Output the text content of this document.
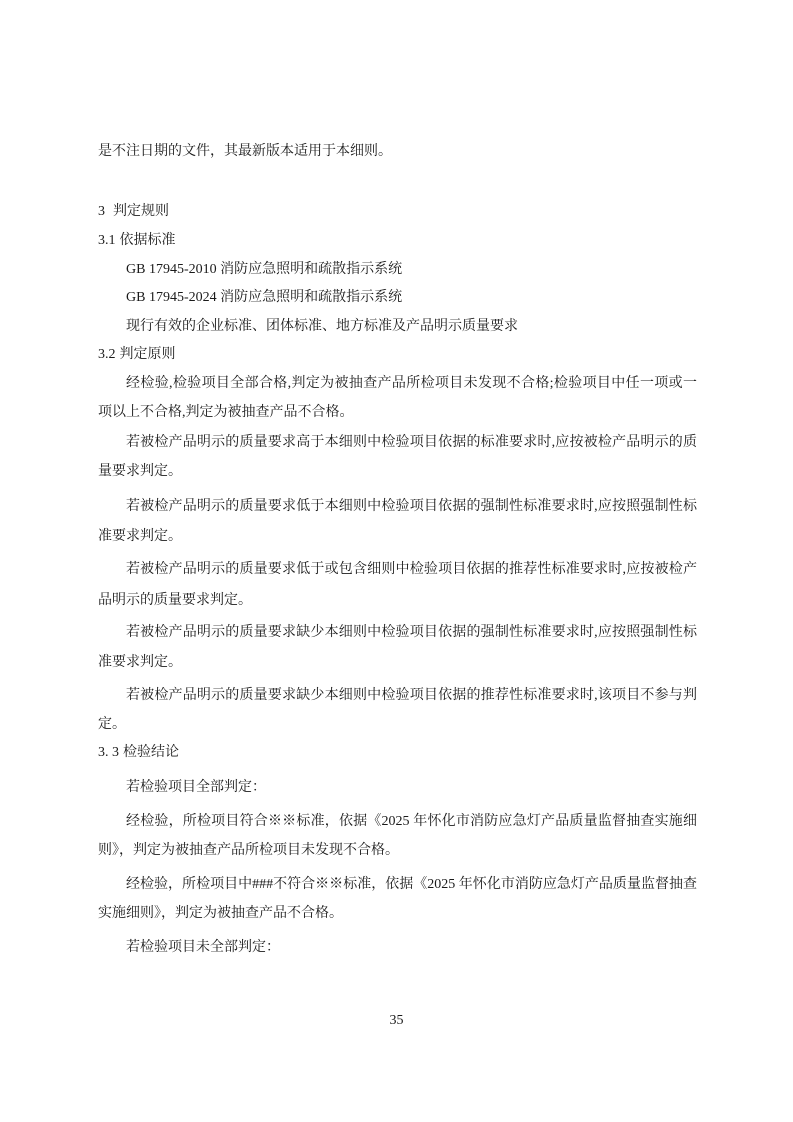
是不注日期的文件，其最新版本适用于本细则。
3 判定规则
3.1 依据标准
GB 17945-2010 消防应急照明和疏散指示系统
GB 17945-2024 消防应急照明和疏散指示系统
现行有效的企业标准、团体标准、地方标准及产品明示质量要求
3.2 判定原则
经检验,检验项目全部合格,判定为被抽查产品所检项目未发现不合格;检验项目中任一项或一
项以上不合格,判定为被抽查产品不合格。
若被检产品明示的质量要求高于本细则中检验项目依据的标准要求时,应按被检产品明示的质
量要求判定。
若被检产品明示的质量要求低于本细则中检验项目依据的强制性标准要求时,应按照强制性标
准要求判定。
若被检产品明示的质量要求低于或包含细则中检验项目依据的推荐性标准要求时,应按被检产
品明示的质量要求判定。
若被检产品明示的质量要求缺少本细则中检验项目依据的强制性标准要求时,应按照强制性标
准要求判定。
若被检产品明示的质量要求缺少本细则中检验项目依据的推荐性标准要求时,该项目不参与判
定。
3. 3 检验结论
若检验项目全部判定：
经检验，所检项目符合※※标准，依据《2025 年怀化市消防应急灯产品质量监督抽查实施细
则》，判定为被抽查产品所检项目未发现不合格。
经检验，所检项目中###不符合※※标准，依据《2025 年怀化市消防应急灯产品质量监督抽查
实施细则》，判定为被抽查产品不合格。
若检验项目未全部判定：
35
